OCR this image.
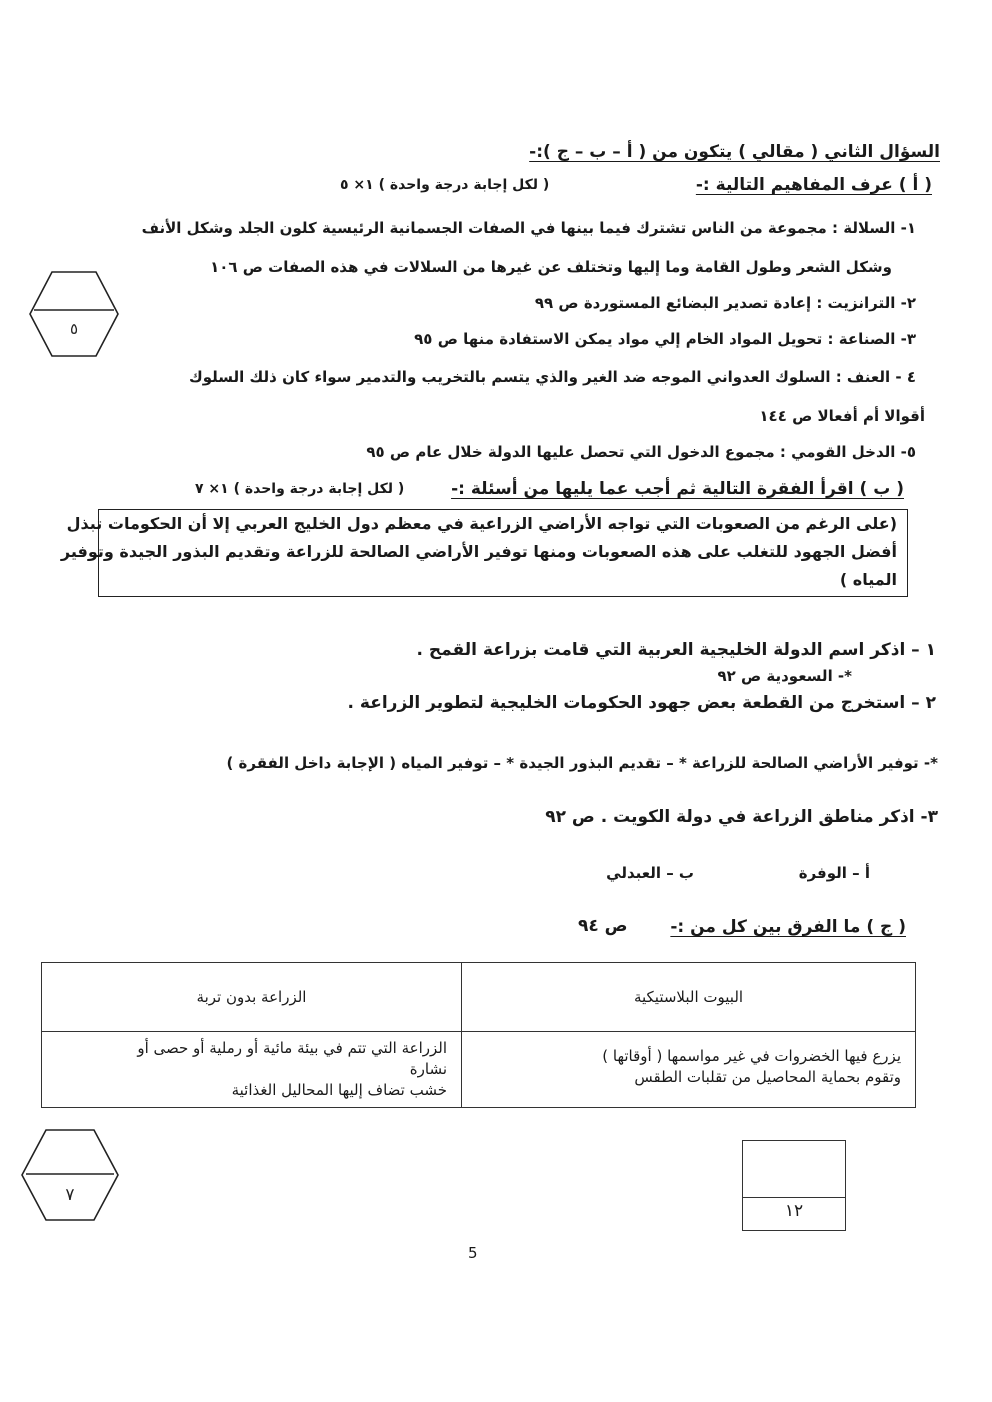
السؤال الثاني ( مقالي ) يتكون من ( أ – ب – ج ):-
( أ ) عرف المفاهيم التالية :-
( لكل إجابة درجة واحدة ) ١× ٥
١- السلالة : مجموعة من الناس تشترك فيما بينها في الصفات الجسمانية الرئيسية كلون الجلد وشكل الأنف
وشكل الشعر وطول القامة وما إليها وتختلف عن غيرها من السلالات في هذه الصفات ص ١٠٦
٢- الترانزيت : إعادة تصدير البضائع المستوردة ص ٩٩
٣- الصناعة : تحويل المواد الخام إلي مواد يمكن الاستفادة منها ص ٩٥
٤ - العنف : السلوك العدواني الموجه ضد الغير والذي يتسم بالتخريب والتدمير سواء كان ذلك السلوك
أقوالا أم أفعالا ص ١٤٤
٥- الدخل القومي : مجموع الدخول التي تحصل عليها الدولة خلال عام ص ٩٥
٥
( ب ) اقرأ الفقرة التالية ثم أجب عما يليها من أسئلة :-
( لكل إجابة درجة واحدة ) ١× ٧
(على الرغم من الصعوبات التي تواجه الأراضي الزراعية في معظم دول الخليج العربي إلا أن الحكومات تبذل
أفضل الجهود للتغلب على هذه الصعوبات ومنها توفير الأراضي الصالحة للزراعة وتقديم البذور الجيدة وتوفير
المياه )
١ – اذكر اسم الدولة الخليجية العربية التي قامت بزراعة القمح .
*- السعودية ص ٩٢
٢ – استخرج من القطعة بعض جهود الحكومات الخليجية لتطوير الزراعة .
*- توفير الأراضي الصالحة للزراعة * – تقديم البذور الجيدة * – توفير المياه ( الإجابة داخل الفقرة )
٣- اذكر مناطق الزراعة في دولة الكويت . ص ٩٢
أ – الوفرة
ب – العبدلي
( ج ) ما الفرق بين كل من :-
ص ٩٤
البيوت البلاستيكية	الزراعة بدون تربة

يزرع فيها الخضروات في غير مواسمها ( أوقاتها )
وتقوم بحماية المحاصيل من تقلبات الطقس	الزراعة التي تتم في بيئة مائية أو رملية أو حصى أو
نشارة
خشب تضاف إليها المحاليل الغذائية
٧
١٢
5
